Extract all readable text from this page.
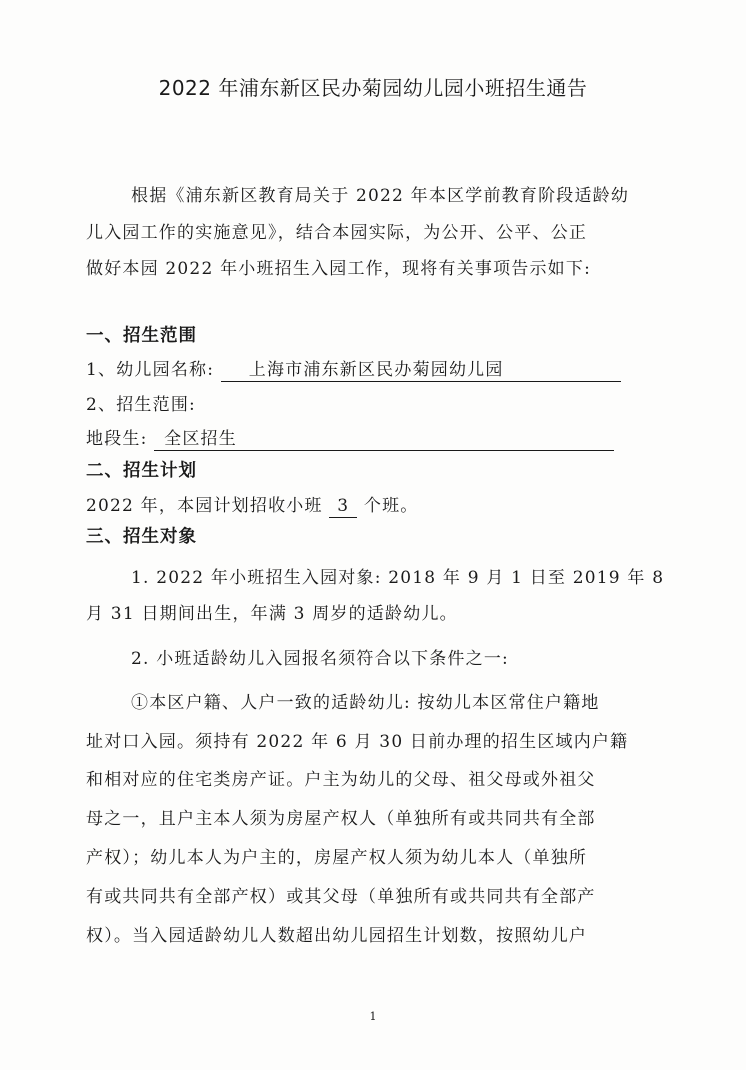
2022 年浦东新区民办菊园幼儿园小班招生通告
根据《浦东新区教育局关于 2022 年本区学前教育阶段适龄幼
儿入园工作的实施意见》，结合本园实际，为公开、公平、公正
做好本园 2022 年小班招生入园工作，现将有关事项告示如下:
一、招生范围
1、幼儿园名称: 上海市浦东新区民办菊园幼儿园
2、招生范围:
地段生: 全区招生
二、招生计划
2022 年，本园计划招收小班 3 个班。
三、招生对象
1. 2022 年小班招生入园对象: 2018 年 9 月 1 日至 2019 年 8
月 31 日期间出生，年满 3 周岁的适龄幼儿。
2. 小班适龄幼儿入园报名须符合以下条件之一:
①本区户籍、人户一致的适龄幼儿: 按幼儿本区常住户籍地
址对口入园。须持有 2022 年 6 月 30 日前办理的招生区域内户籍
和相对应的住宅类房产证。户主为幼儿的父母、祖父母或外祖父
母之一，且户主本人须为房屋产权人（单独所有或共同共有全部
产权）；幼儿本人为户主的，房屋产权人须为幼儿本人（单独所
有或共同共有全部产权）或其父母（单独所有或共同共有全部产
权）。当入园适龄幼儿人数超出幼儿园招生计划数，按照幼儿户
1
